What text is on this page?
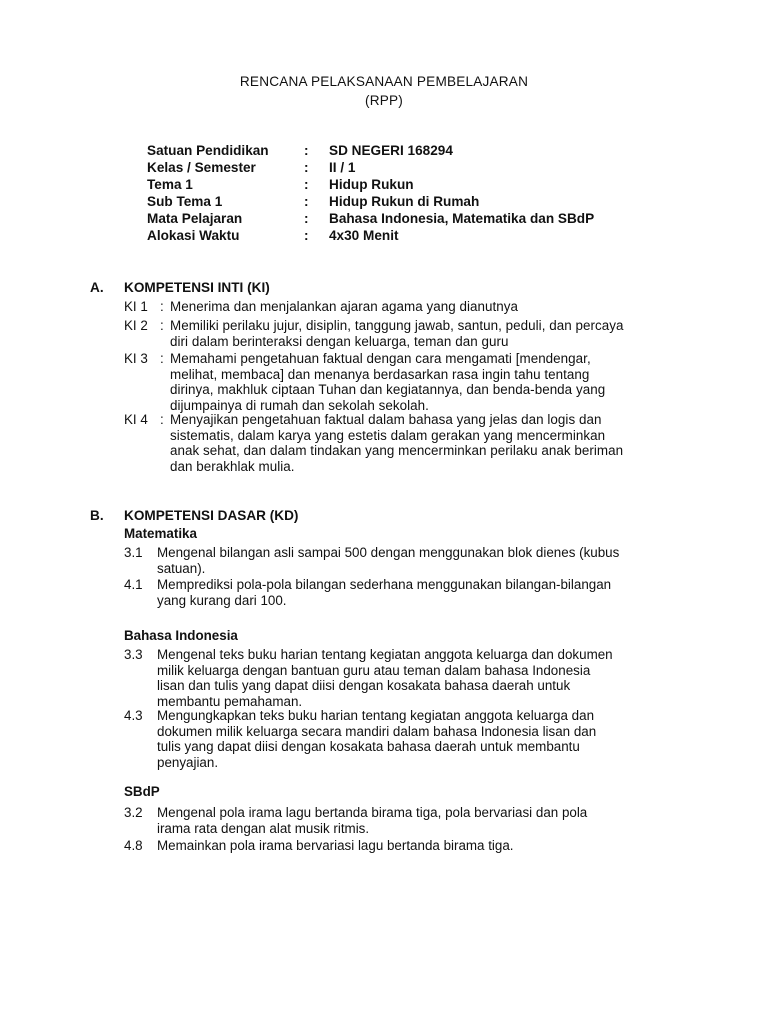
RENCANA PELAKSANAAN PEMBELAJARAN
(RPP)
Satuan Pendidikan	: SD NEGERI 168294
Kelas / Semester	: II / 1
Tema 1	: Hidup Rukun
Sub Tema 1	: Hidup Rukun di Rumah
Mata Pelajaran	: Bahasa Indonesia, Matematika dan SBdP
Alokasi Waktu	: 4x30 Menit
A. KOMPETENSI INTI (KI)
KI 1 : Menerima dan menjalankan ajaran agama yang dianutnya
KI 2 : Memiliki perilaku jujur, disiplin, tanggung jawab, santun, peduli, dan percaya
diri dalam berinteraksi dengan keluarga, teman dan guru
KI 3 : Memahami pengetahuan faktual dengan cara mengamati [mendengar,
melihat, membaca] dan menanya berdasarkan rasa ingin tahu tentang
dirinya, makhluk ciptaan Tuhan dan kegiatannya, dan benda-benda yang
dijumpainya di rumah dan sekolah sekolah.
KI 4 : Menyajikan pengetahuan faktual dalam bahasa yang jelas dan logis dan
sistematis, dalam karya yang estetis dalam gerakan yang mencerminkan
anak sehat, dan dalam tindakan yang mencerminkan perilaku anak beriman
dan berakhlak mulia.
B. KOMPETENSI DASAR (KD)
Matematika
3.1 Mengenal bilangan asli sampai 500 dengan menggunakan blok dienes (kubus
satuan).
4.1 Memprediksi pola-pola bilangan sederhana menggunakan bilangan-bilangan
yang kurang dari 100.
Bahasa Indonesia
3.3 Mengenal teks buku harian tentang kegiatan anggota keluarga dan dokumen
milik keluarga dengan bantuan guru atau teman dalam bahasa Indonesia
lisan dan tulis yang dapat diisi dengan kosakata bahasa daerah untuk
membantu pemahaman.
4.3 Mengungkapkan teks buku harian tentang kegiatan anggota keluarga dan
dokumen milik keluarga secara mandiri dalam bahasa Indonesia lisan dan
tulis yang dapat diisi dengan kosakata bahasa daerah untuk membantu
penyajian.
SBdP
3.2 Mengenal pola irama lagu bertanda birama tiga, pola bervariasi dan pola
irama rata dengan alat musik ritmis.
4.8 Memainkan pola irama bervariasi lagu bertanda birama tiga.
